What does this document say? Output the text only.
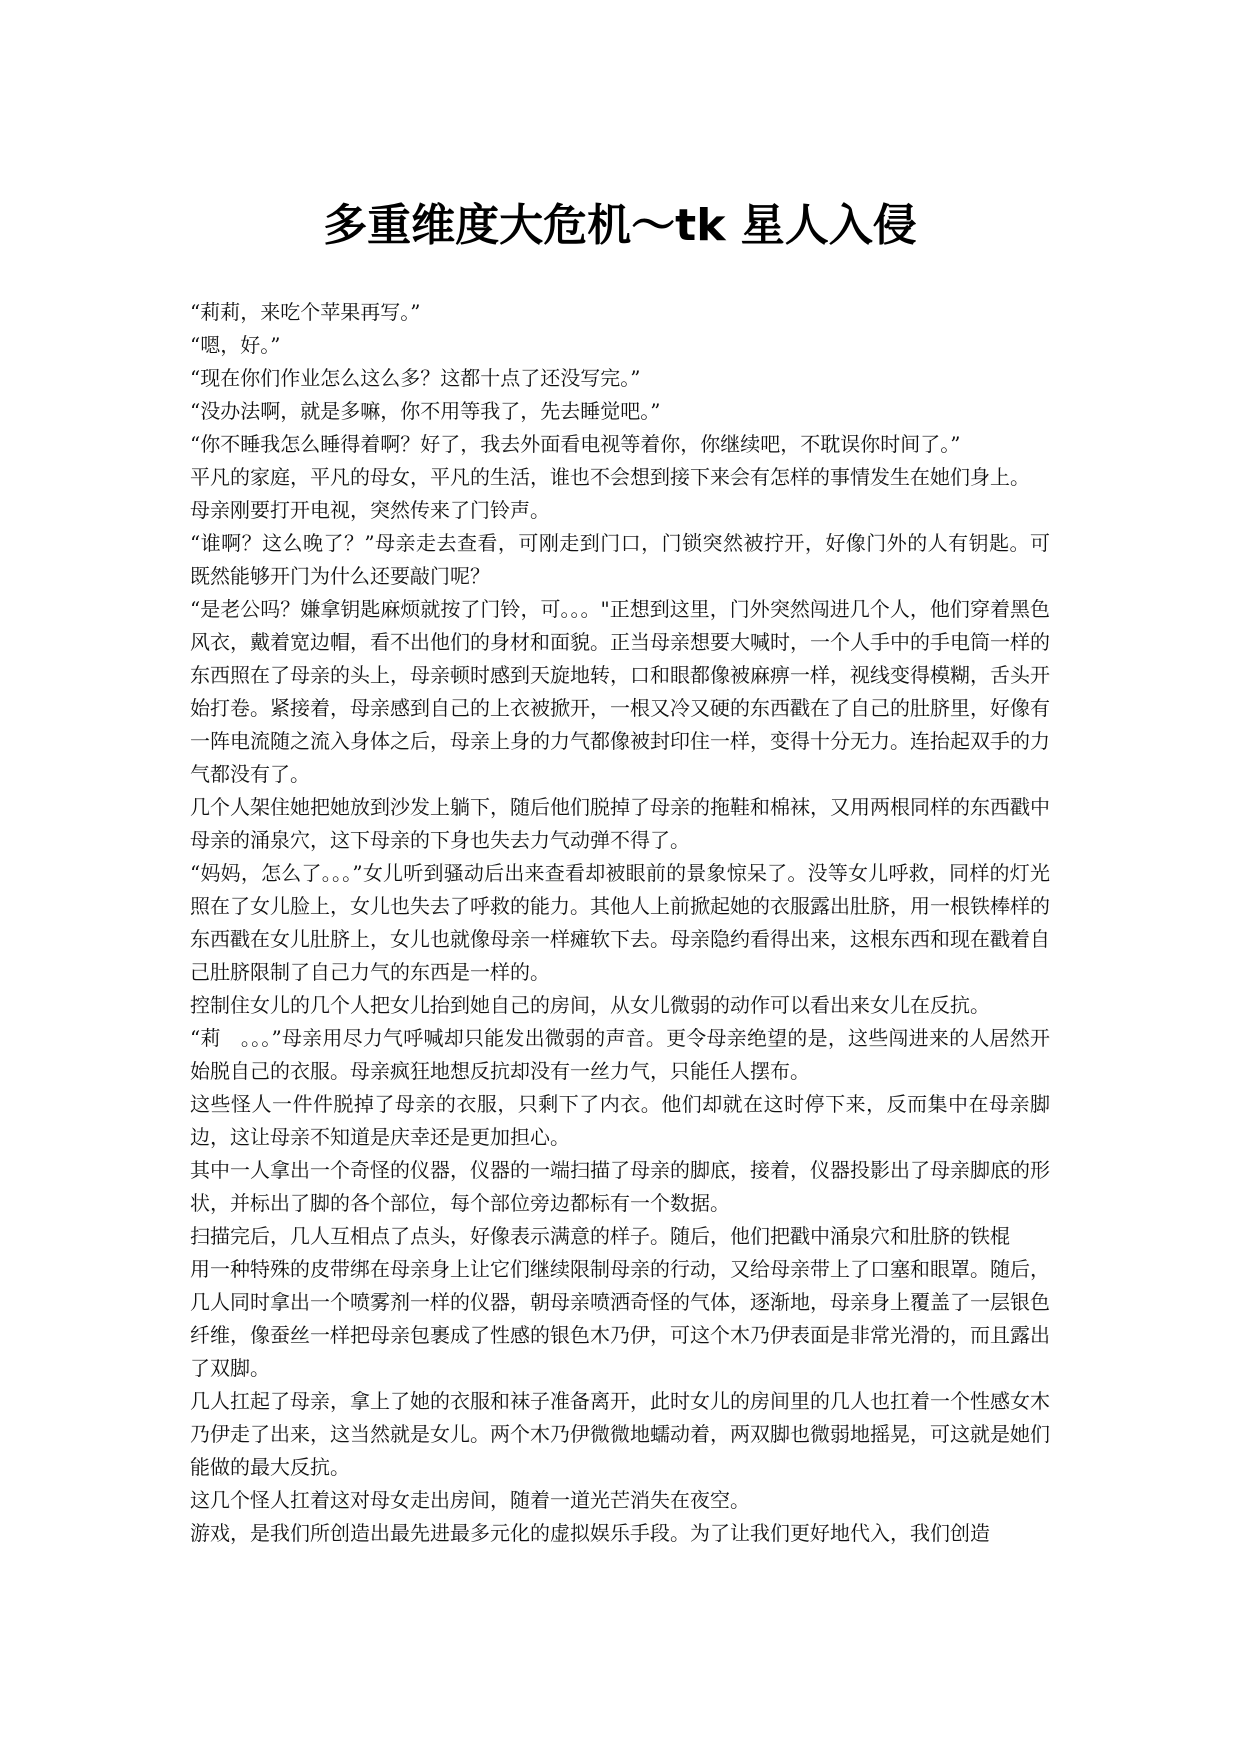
多重维度大危机～tk 星人入侵

“莉莉，来吃个苹果再写。”

“嗯，好。”

“现在你们作业怎么这么多？这都十点了还没写完。”

“没办法啊，就是多嘛，你不用等我了，先去睡觉吧。”

“你不睡我怎么睡得着啊？好了，我去外面看电视等着你，你继续吧，不耽误你时间了。”

平凡的家庭，平凡的母女，平凡的生活，谁也不会想到接下来会有怎样的事情发生在她们身上。

母亲刚要打开电视，突然传来了门铃声。

“谁啊？这么晚了？”母亲走去查看，可刚走到门口，门锁突然被拧开，好像门外的人有钥匙。可既然能够开门为什么还要敲门呢？

“是老公吗？嫌拿钥匙麻烦就按了门铃，可。。。"正想到这里，门外突然闯进几个人，他们穿着黑色风衣，戴着宽边帽，看不出他们的身材和面貌。正当母亲想要大喊时，一个人手中的手电筒一样的东西照在了母亲的头上，母亲顿时感到天旋地转，口和眼都像被麻痹一样，视线变得模糊，舌头开始打卷。紧接着，母亲感到自己的上衣被掀开，一根又冷又硬的东西戳在了自己的肚脐里，好像有一阵电流随之流入身体之后，母亲上身的力气都像被封印住一样，变得十分无力。连抬起双手的力气都没有了。

几个人架住她把她放到沙发上躺下，随后他们脱掉了母亲的拖鞋和棉袜，又用两根同样的东西戳中母亲的涌泉穴，这下母亲的下身也失去力气动弹不得了。

“妈妈，怎么了。。。”女儿听到骚动后出来查看却被眼前的景象惊呆了。没等女儿呼救，同样的灯光照在了女儿脸上，女儿也失去了呼救的能力。其他人上前掀起她的衣服露出肚脐，用一根铁棒样的东西戳在女儿肚脐上，女儿也就像母亲一样瘫软下去。母亲隐约看得出来，这根东西和现在戳着自己肚脐限制了自己力气的东西是一样的。

控制住女儿的几个人把女儿抬到她自己的房间，从女儿微弱的动作可以看出来女儿在反抗。

“莉　。。。”母亲用尽力气呼喊却只能发出微弱的声音。更令母亲绝望的是，这些闯进来的人居然开始脱自己的衣服。母亲疯狂地想反抗却没有一丝力气，只能任人摆布。

这些怪人一件件脱掉了母亲的衣服，只剩下了内衣。他们却就在这时停下来，反而集中在母亲脚边，这让母亲不知道是庆幸还是更加担心。

其中一人拿出一个奇怪的仪器，仪器的一端扫描了母亲的脚底，接着，仪器投影出了母亲脚底的形状，并标出了脚的各个部位，每个部位旁边都标有一个数据。

扫描完后，几人互相点了点头，好像表示满意的样子。随后，他们把戳中涌泉穴和肚脐的铁棍

用一种特殊的皮带绑在母亲身上让它们继续限制母亲的行动，又给母亲带上了口塞和眼罩。随后，几人同时拿出一个喷雾剂一样的仪器，朝母亲喷洒奇怪的气体，逐渐地，母亲身上覆盖了一层银色纤维，像蚕丝一样把母亲包裹成了性感的银色木乃伊，可这个木乃伊表面是非常光滑的，而且露出了双脚。

几人扛起了母亲，拿上了她的衣服和袜子准备离开，此时女儿的房间里的几人也扛着一个性感女木乃伊走了出来，这当然就是女儿。两个木乃伊微微地蠕动着，两双脚也微弱地摇晃，可这就是她们能做的最大反抗。

这几个怪人扛着这对母女走出房间，随着一道光芒消失在夜空。

游戏，是我们所创造出最先进最多元化的虚拟娱乐手段。为了让我们更好地代入，我们创造
